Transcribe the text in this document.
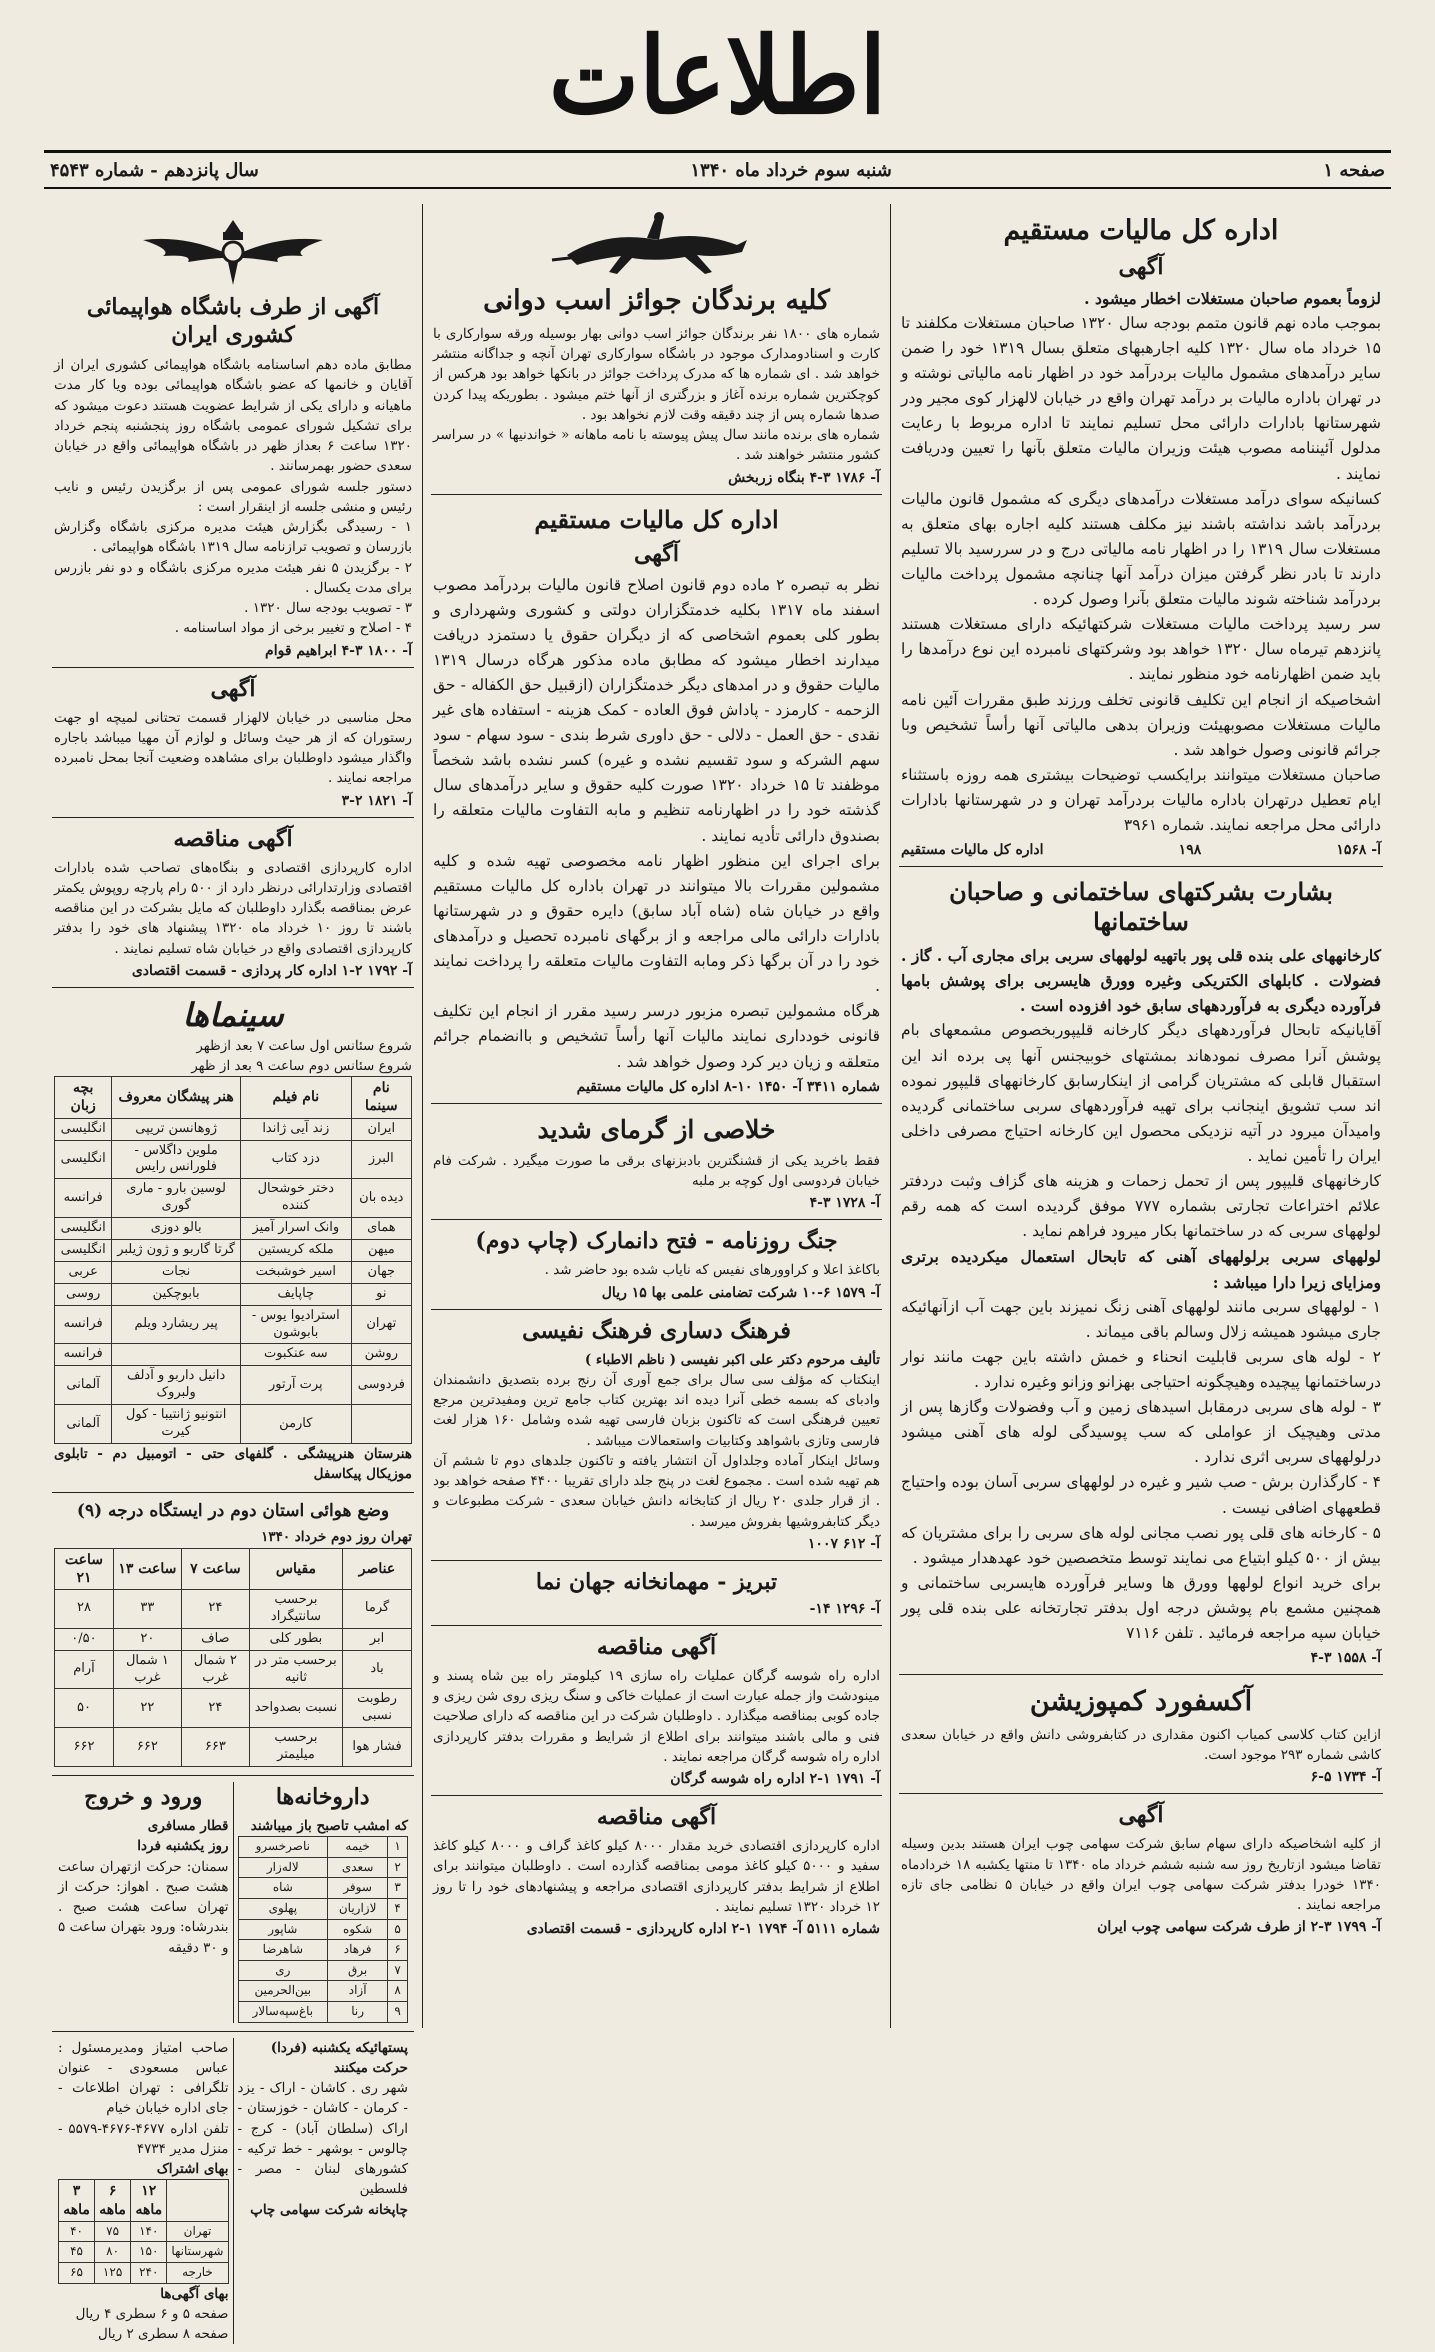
اطلاعات
صفحه ۱
شنبه سوم خرداد ماه ۱۳۴۰
سال پانزدهم - شماره ۴۵۴۳
اداره کل مالیات مستقیم
آگهی

لزوماً بعموم صاحبان مستغلات اخطار میشود .

بموجب ماده نهم قانون متمم بودجه سال ۱۳۲۰ صاحبان مستغلات مکلفند تا ۱۵ خرداد ماه سال ۱۳۲۰ کلیه اجارهبهای متعلق بسال ۱۳۱۹ خود را ضمن سایر درآمدهای مشمول مالیات بردرآمد خود در اظهار نامه مالیاتی نوشته و در تهران باداره مالیات بر درآمد تهران واقع در خیابان لالهزار کوی مجیر ودر شهرستانها بادارات دارائی محل تسلیم نمایند تا اداره مربوط با رعایت مدلول آئیننامه مصوب هیئت وزیران مالیات متعلق بآنها را تعیین ودریافت نمایند .

کسانیکه سوای درآمد مستغلات درآمدهای دیگری که مشمول قانون مالیات بردرآمد باشد نداشته باشند نیز مکلف هستند کلیه اجاره بهای متعلق به مستغلات سال ۱۳۱۹ را در اظهار نامه مالیاتی درج و در سررسید بالا تسلیم دارند تا بادر نظر گرفتن میزان درآمد آنها چنانچه مشمول پرداخت مالیات بردرآمد شناخته شوند مالیات متعلق بآنرا وصول کرده .

سر رسید پرداخت مالیات مستغلات شرکتهائیکه دارای مستغلات هستند پانزدهم تیرماه سال ۱۳۲۰ خواهد بود وشرکتهای نامبرده این نوع درآمدها را باید ضمن اظهارنامه خود منظور نمایند .

اشخاصیکه از انجام این تکلیف قانونی تخلف ورزند طبق مقررات آئین نامه مالیات مستغلات مصوبهیئت وزیران بدهی مالیاتی آنها رأساً تشخیص وبا جرائم قانونی وصول خواهد شد .

صاحبان مستغلات میتوانند برایکسب توضیحات بیشتری همه روزه باستثناء ایام تعطیل درتهران باداره مالیات بردرآمد تهران و در شهرستانها بادارات دارائی محل مراجعه نمایند. شماره ۳۹۶۱

آ- ۱۵۶۸
۱۹۸
اداره کل مالیات مستقیم
بشارت بشرکتهای ساختمانی و صاحبان ساختمانها

کارخانههای علی بنده قلی پور باتهیه لولههای سربی برای مجاری آب . گاز . فضولات . کابلهای الکتریکی وغیره وورق هایسربی برای پوشش بامها فرآورده دیگری به فرآوردههای سابق خود افزوده است .

آقایانیکه تابحال فرآوردههای دیگر کارخانه قلیپوربخصوص مشمعهای بام پوشش آنرا مصرف نمودهاند بمشتهای خوبیجنس آنها پی برده اند این استقبال قابلی که مشتریان گرامی از اینکارسابق کارخانههای قلیپور نموده اند سب تشویق اینجانب برای تهیه فرآوردههای سربی ساختمانی گردیده وامیدآن میرود در آتیه نزدیکی محصول این کارخانه احتیاج مصرفی داخلی ایران را تأمین نماید .

کارخانههای قلیپور پس از تحمل زحمات و هزینه های گزاف وثبت دردفتر علائم اختراعات تجارتی بشماره ۷۷۷ موفق گردیده است که همه رقم لولههای سربی که در ساختمانها بکار میرود فراهم نماید .

لولههای سربی برلولههای آهنی که تابحال استعمال میکردیده برتری ومزایای زیرا دارا میباشد :

۱ - لولههای سربی مانند لولههای آهنی زنگ نمیزند باین جهت آب ازآنهائیکه جاری میشود همیشه زلال وسالم باقی میماند .

۲ - لوله های سربی قابلیت انحناء و خمش داشته باین جهت مانند نوار درساختمانها پیچیده وهیچگونه احتیاجی بهزانو وزانو وغیره ندارد .

۳ - لوله های سربی درمقابل اسیدهای زمین و آب وفضولات وگازها پس از مدتی وهیچیک از عواملی که سب پوسیدگی لوله های آهنی میشود درلولههای سربی اثری ندارد .

۴ - کارگذارن برش - صب شیر و غیره در لولههای سربی آسان بوده واحتیاج قطعههای اضافی نیست .

۵ - کارخانه های قلی پور نصب مجانی لوله های سربی را برای مشتریان که بیش از ۵۰۰ کیلو ابتیاع می نمایند توسط متخصصین خود عهدهدار میشود .

برای خرید انواع لولهها وورق ها وسایر فرآورده هایسربی ساختمانی و همچنین مشمع بام پوشش درجه اول بدفتر تجارتخانه علی بنده قلی پور خیابان سپه مراجعه فرمائید . تلفن ۷۱۱۶

آ- ۱۵۵۸ ۳-۴
آکسفورد کمپوزیشن

ازاین کتاب کلاسی کمیاب اکنون مقداری در کتابفروشی دانش واقع در خیابان سعدی کاشی شماره ۲۹۳ موجود است.

آ- ۱۷۳۴ ۵-۶
آگهی

از کلیه اشخاصیکه دارای سهام سابق شرکت سهامی چوب ایران هستند بدین وسیله تقاضا میشود ازتاریخ روز سه شنبه ششم خرداد ماه ۱۳۴۰ تا منتها یکشبه ۱۸ خردادماه ۱۳۴۰ خودرا بدفتر شرکت سهامی چوب ایران واقع در خیابان ۵ نظامی جای تازه مراجعه نمایند .

آ- ۱۷۹۹ ۳-۲ از طرف شرکت سهامی چوب ایران
کلیه برندگان جوائز اسب دوانی

شماره های ۱۸۰۰ نفر برندگان جوائز اسب دوانی بهار بوسیله ورقه سوارکاری با کارت و اسنادومدارک موجود در باشگاه سوارکاری تهران آنچه و جداگانه منتشر خواهد شد . ای شماره ها که مدرک پرداخت جوائز در بانکها خواهد بود هرکس از کوچکترین شماره برنده آغاز و بزرگتری از آنها ختم میشود . بطوریکه پیدا کردن صدها شماره پس از چند دقیقه وقت لازم نخواهد بود .

شماره های برنده مانند سال پیش پیوسته با نامه ماهانه « خواندنیها » در سراسر کشور منتشر خواهند شد .

آ- ۱۷۸۶ ۳-۴ بنگاه زربخش
اداره کل مالیات مستقیم
آگهی

نظر به تبصره ۲ ماده دوم قانون اصلاح قانون مالیات بردرآمد مصوب اسفند ماه ۱۳۱۷ بکلیه خدمتگزاران دولتی و کشوری وشهرداری و بطور کلی بعموم اشخاصی که از دیگران حقوق یا دستمزد دریافت میدارند اخطار میشود که مطابق ماده مذکور هرگاه درسال ۱۳۱۹ مالیات حقوق و در امدهای دیگر خدمتگزاران (ازقبیل حق الکفاله - حق الزحمه - کارمزد - پاداش فوق العاده - کمک هزینه - استفاده های غیر نقدی - حق العمل - دلالی - حق داوری شرط بندی - سود سهام - سود سهم الشرکه و سود تقسیم نشده و غیره) کسر نشده باشد شخصاً موظفند تا ۱۵ خرداد ۱۳۲۰ صورت کلیه حقوق و سایر درآمدهای سال گذشته خود را در اظهارنامه تنظیم و مابه التفاوت مالیات متعلقه را بصندوق دارائی تأدیه نمایند .

برای اجرای این منظور اظهار نامه مخصوصی تهیه شده و کلیه مشمولین مقررات بالا میتوانند در تهران باداره کل مالیات مستقیم واقع در خیابان شاه (شاه آباد سابق) دایره حقوق و در شهرستانها بادارات دارائی مالی مراجعه و از برگهای نامبرده تحصیل و درآمدهای خود را در آن برگها ذکر ومابه التفاوت مالیات متعلقه را پرداخت نمایند .

هرگاه مشمولین تبصره مزبور درسر رسید مقرر از انجام این تکلیف قانونی خودداری نمایند مالیات آنها رأساً تشخیص و باانضمام جرائم متعلقه و زیان دیر کرد وصول خواهد شد .

شماره ۳۴۱۱ آ- ۱۴۵۰ ۱۰-۸ اداره کل مالیات مستقیم
خلاصی از گرمای شدید

فقط باخرید یکی از قشنگترین بادبزنهای برقی ما صورت میگیرد . شرکت فام خیابان فردوسی اول کوچه بر ملبه

آ- ۱۷۲۸ ۳-۴
جنگ روزنامه - فتح دانمارک (چاپ دوم)

باکاغذ اعلا و کراوورهای نفیس که نایاب شده بود حاضر شد .

آ- ۱۵۷۹ ۶-۱۰ شرکت تضامنی علمی بها ۱۵ ریال
فرهنگ دساری فرهنگ نفیسی

تألیف مرحوم دکتر علی اکبر نفیسی ( ناظم الاطباء )

اینکتاب که مؤلف سی سال برای جمع آوری آن رنج برده بتصدیق دانشمندان وادبای که بسمه خطی آنرا دیده اند بهترین کتاب جامع ترین ومفیدترین مرجع تعیین فرهنگی است که تاکنون بزبان فارسی تهیه شده وشامل ۱۶۰ هزار لغت فارسی وتازی باشواهد وکتابیات واستعمالات میباشد .

وسائل اینکار آماده وجلداول آن انتشار یافته و تاکنون جلدهای دوم تا ششم آن هم تهیه شده است . مجموع لغت در پنج جلد دارای تقریبا ۴۴۰۰ صفحه خواهد بود . از قرار جلدی ۲۰ ریال از کتابخانه دانش خیابان سعدی - شرکت مطبوعات و دیگر کتابفروشیها بفروش میرسد .

آ- ۶۱۲ ۱۰۰۷
تبریز - مهمانخانه جهان نما
آ- ۱۲۹۶ ۱۴-
آگهی مناقصه

اداره راه شوسه گرگان عملیات راه سازی ۱۹ کیلومتر راه بین شاه پسند و مینودشت واز جمله عبارت است از عملیات خاکی و سنگ ریزی روی شن ریزی و جاده کوبی بمناقصه میگذارد . داوطلبان شرکت در این مناقصه که دارای صلاحیت فنی و مالی باشند میتوانند برای اطلاع از شرایط و مقررات بدفتر کارپردازی اداره راه شوسه گرگان مراجعه نمایند .

آ- ۱۷۹۱ ۱-۲ اداره راه شوسه گرگان
آگهی مناقصه

اداره کارپردازی اقتصادی خرید مقدار ۸۰۰۰ کیلو کاغذ گراف و ۸۰۰۰ کیلو کاغذ سفید و ۵۰۰۰ کیلو کاغذ مومی بمناقصه گذارده است . داوطلبان میتوانند برای اطلاع از شرایط بدفتر کارپردازی اقتصادی مراجعه و پیشنهادهای خود را تا روز ۱۲ خرداد ۱۳۲۰ تسلیم نمایند .

شماره ۵۱۱۱ آ- ۱۷۹۴ ۱-۲ اداره کارپردازی - قسمت اقتصادی
آگهی از طرف باشگاه هواپیمائی کشوری ایران

مطابق ماده دهم اساسنامه باشگاه هواپیمائی کشوری ایران از آقایان و خانمها که عضو باشگاه هواپیمائی بوده ویا کار مدت ماهیانه و دارای یکی از شرایط عضویت هستند دعوت میشود که برای تشکیل شورای عمومی باشگاه روز پنجشنبه پنجم خرداد ۱۳۲۰ ساعت ۶ بعداز ظهر در باشگاه هواپیمائی واقع در خیابان سعدی حضور بهمرسانند .

دستور جلسه شورای عمومی پس از برگزیدن رئیس و نایب رئیس و منشی جلسه از اینقرار است :

۱ - رسیدگی بگزارش هیئت مدیره مرکزی باشگاه وگزارش بازرسان و تصویب ترازنامه سال ۱۳۱۹ باشگاه هواپیمائی .

۲ - برگزیدن ۵ نفر هیئت مدیره مرکزی باشگاه و دو نفر بازرس برای مدت یکسال .

۳ - تصویب بودجه سال ۱۳۲۰ .

۴ - اصلاح و تغییر برخی از مواد اساسنامه .

آ- ۱۸۰۰ ۳-۴ ابراهیم قوام
آگهی

محل مناسبی در خیابان لالهزار قسمت تحتانی لمیچه او جهت رستوران که از هر حیث وسائل و لوازم آن مهیا میباشد باجاره واگذار میشود داوطلبان برای مشاهده وضعیت آنجا بمحل نامبرده مراجعه نمایند .

آ- ۱۸۲۱ ۲-۳
آگهی مناقصه

اداره کارپردازی اقتصادی و بنگاه‌های تصاحب شده بادارات اقتصادی وزارتدارائی درنظر دارد از ۵۰۰ رام پارچه روپوش یکمتر عرض بمناقصه بگذارد داوطلبان که مایل بشرکت در این مناقصه باشند تا روز ۱۰ خرداد ماه ۱۳۲۰ پیشنهاد های خود را بدفتر کارپردازی اقتصادی واقع در خیابان شاه تسلیم نمایند .

آ- ۱۷۹۲ ۲-۱ اداره کار پردازی - قسمت اقتصادی
سینماها

شروع سئانس اول ساعت ۷ بعد ازظهر

شروع سئانس دوم ساعت ۹ بعد از ظهر

نام سینما	نام فیلم	هنر پیشگان معروف	بچه زبان
ایران	زند آیی ژاندا	ژوهانسن تریپی	انگلیسی
البرز	دزد کتاب	ملوین داگلاس - فلورانس رایس	انگلیسی
دیده بان	دختر خوشحال کننده	لوسین بارو - ماری گوری	فرانسه
همای	وانک اسرار آمیز	بالو دوزی	انگلیسی
میهن	ملکه کریستین	گرتا گاربو و ژون ژیلبر	انگلیسی
جهان	اسیر خوشبخت	نجات	عربی
نو	چاپایف	بابوچکین	روسی
تهران	استرادیوا یوس - بابوشون	پیر ریشارد ویلم	فرانسه
روشن	سه عنکبوت		فرانسه
فردوسی	پرت آرتور	دانیل داربو و آدلف ولبروک	آلمانی
	کارمن	انتونیو ژانتیبا - کول کیرت	آلمانی

هنرستان هنرپیشگی . گلفهای حتی - اتومبیل دم - تابلوی موزیکال پیکاسفل

وضع هوائی استان دوم در ایستگاه درجه (۹)

تهران روز دوم خرداد ۱۳۴۰

عناصر	مقیاس	ساعت ۷	ساعت ۱۳	ساعت ۲۱
گرما	برحسب سانتیگراد	۲۴	۳۳	۲۸
ابر	بطور کلی	صاف	۲۰	۰/۵۰
باد	برحسب متر در ثانیه	۲ شمال غرب	۱ شمال غرب	آرام
رطوبت نسبی	نسبت بصدواحد	۲۴	۲۲	۵۰
فشار هوا	برحسب میلیمتر	۶۶۳	۶۶۲	۶۶۲
داروخانه‌ها

که امشب تاصبح باز میباشند

۱	خیمه	ناصرخسرو
۲	سعدی	لاله‌زار
۳	سوفر	شاه
۴	لازاریان	پهلوی
۵	شکوه	شاپور
۶	فرهاد	شاهرضا
۷	برق	ری
۸	آزاد	بین‌الحرمین
۹	رنا	باغ‌سپه‌سالار
ورود و خروج

قطار مسافری

روز یکشنبه فردا

سمنان: حرکت ازتهران ساعت هشت صبح . اهواز: حرکت از تهران ساعت هشت صبح . بندرشاه: ورود بتهران ساعت ۵ و ۳۰ دقیقه

پستهائیکه یکشنبه (فردا)

حرکت میکنند

شهر ری . کاشان - اراک - یزد - کرمان - کاشان - خوزستان - اراک (سلطان آباد) - کرج - چالوس - بوشهر - خط ترکیه - کشورهای لبنان - مصر - فلسطین

چاپخانه شرکت سهامی چاپ

صاحب امتیاز ومدیرمسئول : عباس مسعودی - عنوان تلگرافی : تهران اطلاعات - جای اداره خیابان خیام

تلفن اداره ۴۶۷۷-۴۶۷۶-۵۵۷۹ - منزل مدیر ۴۷۳۴

بهای اشتراک

	۱۲ ماهه	۶ ماهه	۳ ماهه
تهران	۱۴۰	۷۵	۴۰
شهرستانها	۱۵۰	۸۰	۴۵
خارجه	۲۴۰	۱۲۵	۶۵

بهای آگهی‌ها

صفحه ۵ و ۶ سطری ۴ ریال

صفحه ۸ سطری ۲ ریال
